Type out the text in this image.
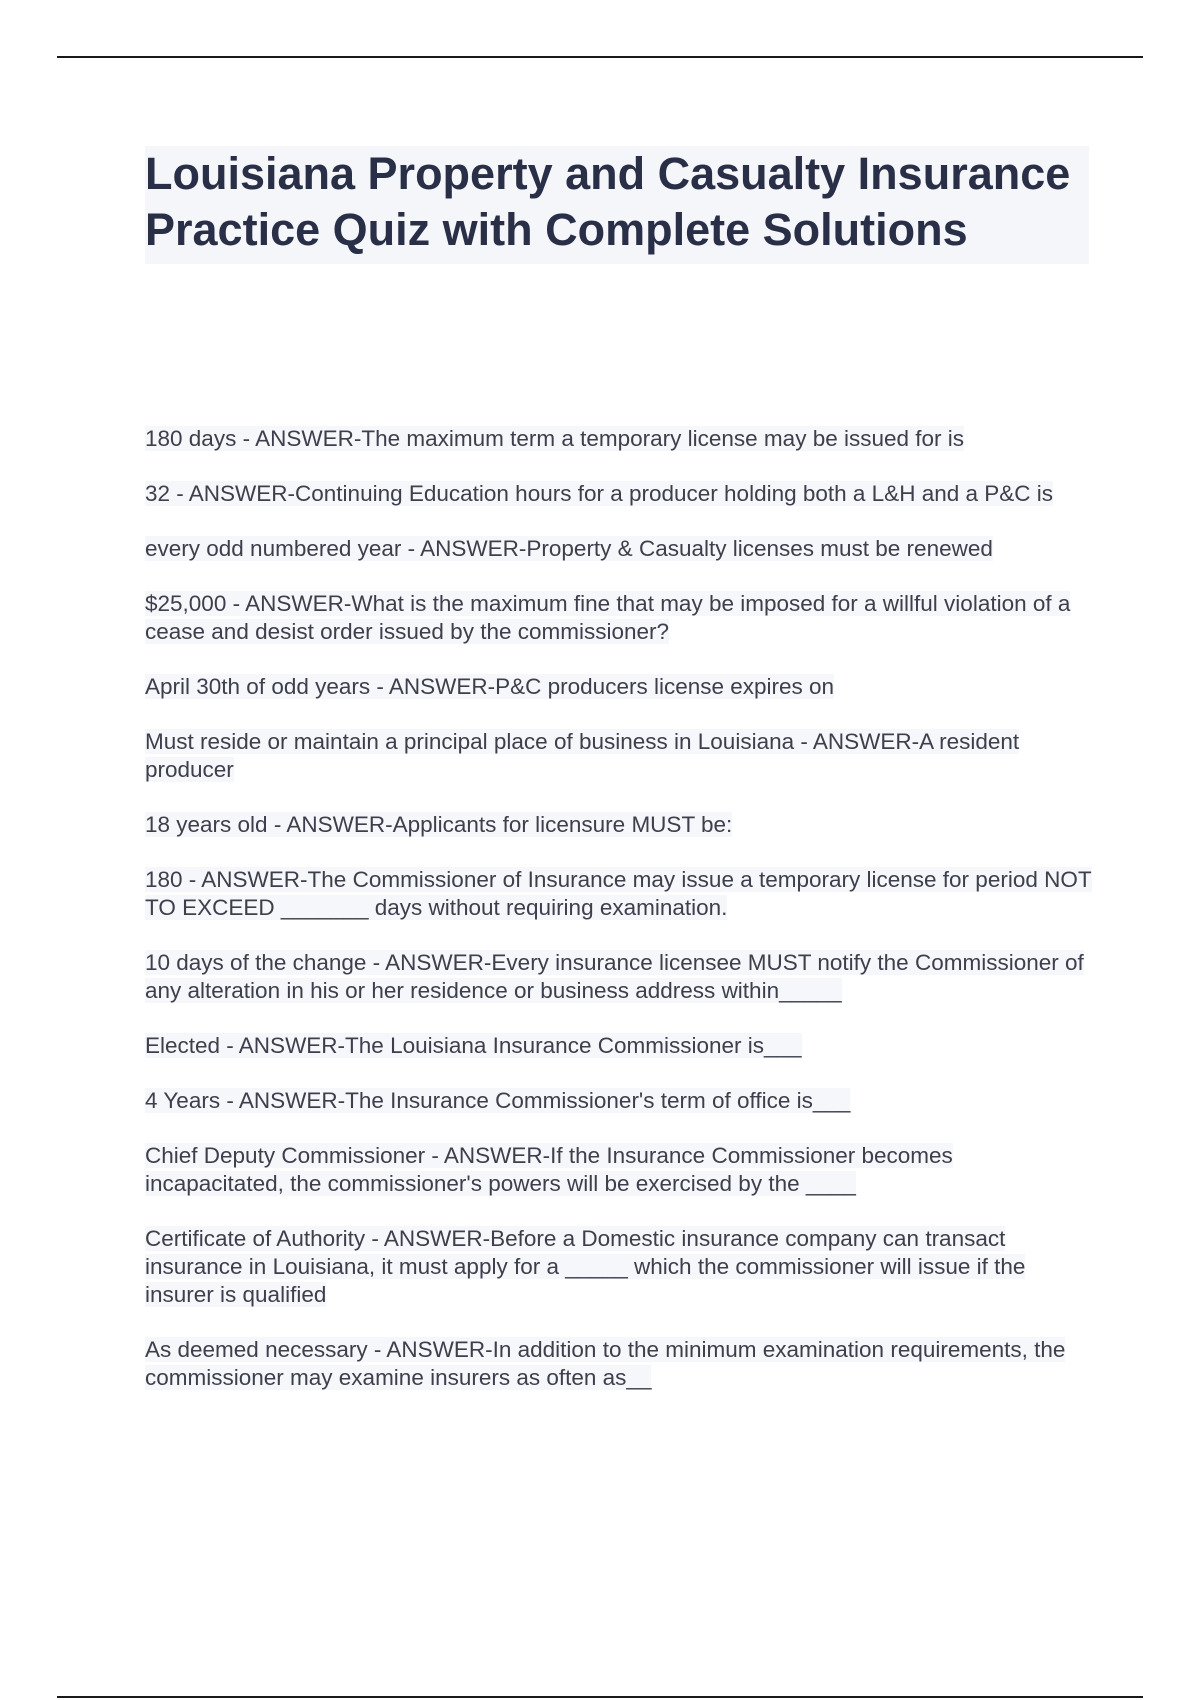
Louisiana Property and Casualty Insurance Practice Quiz with Complete Solutions

180 days - ANSWER-The maximum term a temporary license may be issued for is

32 - ANSWER-Continuing Education hours for a producer holding both a L&H and a P&C is

every odd numbered year - ANSWER-Property & Casualty licenses must be renewed

$25,000 - ANSWER-What is the maximum fine that may be imposed for a willful violation of a cease and desist order issued by the commissioner?

April 30th of odd years - ANSWER-P&C producers license expires on

Must reside or maintain a principal place of business in Louisiana - ANSWER-A resident producer

18 years old - ANSWER-Applicants for licensure MUST be:

180 - ANSWER-The Commissioner of Insurance may issue a temporary license for period NOT TO EXCEED _______ days without requiring examination.

10 days of the change - ANSWER-Every insurance licensee MUST notify the Commissioner of any alteration in his or her residence or business address within_____

Elected - ANSWER-The Louisiana Insurance Commissioner is___

4 Years - ANSWER-The Insurance Commissioner's term of office is___

Chief Deputy Commissioner - ANSWER-If the Insurance Commissioner becomes incapacitated, the commissioner's powers will be exercised by the ____

Certificate of Authority - ANSWER-Before a Domestic insurance company can transact insurance in Louisiana, it must apply for a _____ which the commissioner will issue if the insurer is qualified

As deemed necessary - ANSWER-In addition to the minimum examination requirements, the commissioner may examine insurers as often as__
